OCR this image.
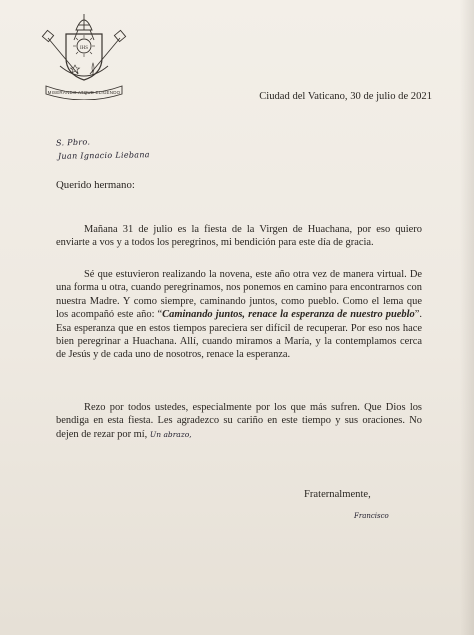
IHS
MISERANDO ATQUE ELIGENDO	Ciudad del Vaticano, 30 de julio de 2021
S. Pbro.
Juan Ignacio Liebana
Querido hermano:

Mañana 31 de julio es la fiesta de la Virgen de Huachana, por eso quiero enviarte a vos y a todos los peregrinos, mi bendición para este día de gracia.

Sé que estuvieron realizando la novena, este año otra vez de manera virtual. De una forma u otra, cuando peregrinamos, nos ponemos en camino para encontrarnos con nuestra Madre. Y como siempre, caminando juntos, como pueblo. Como el lema que los acompañó este año: “Caminando juntos, renace la esperanza de nuestro pueblo”. Esa esperanza que en estos tiempos pareciera ser difícil de recuperar. Por eso nos hace bien peregrinar a Huachana. Allí, cuando miramos a María, y la contemplamos cerca de Jesús y de cada uno de nosotros, renace la esperanza.

Rezo por todos ustedes, especialmente por los que más sufren. Que Dios los bendiga en esta fiesta. Les agradezco su cariño en este tiempo y sus oraciones. No dejen de rezar por mí, Un abrazo,

Fraternalmente,
Francisco
